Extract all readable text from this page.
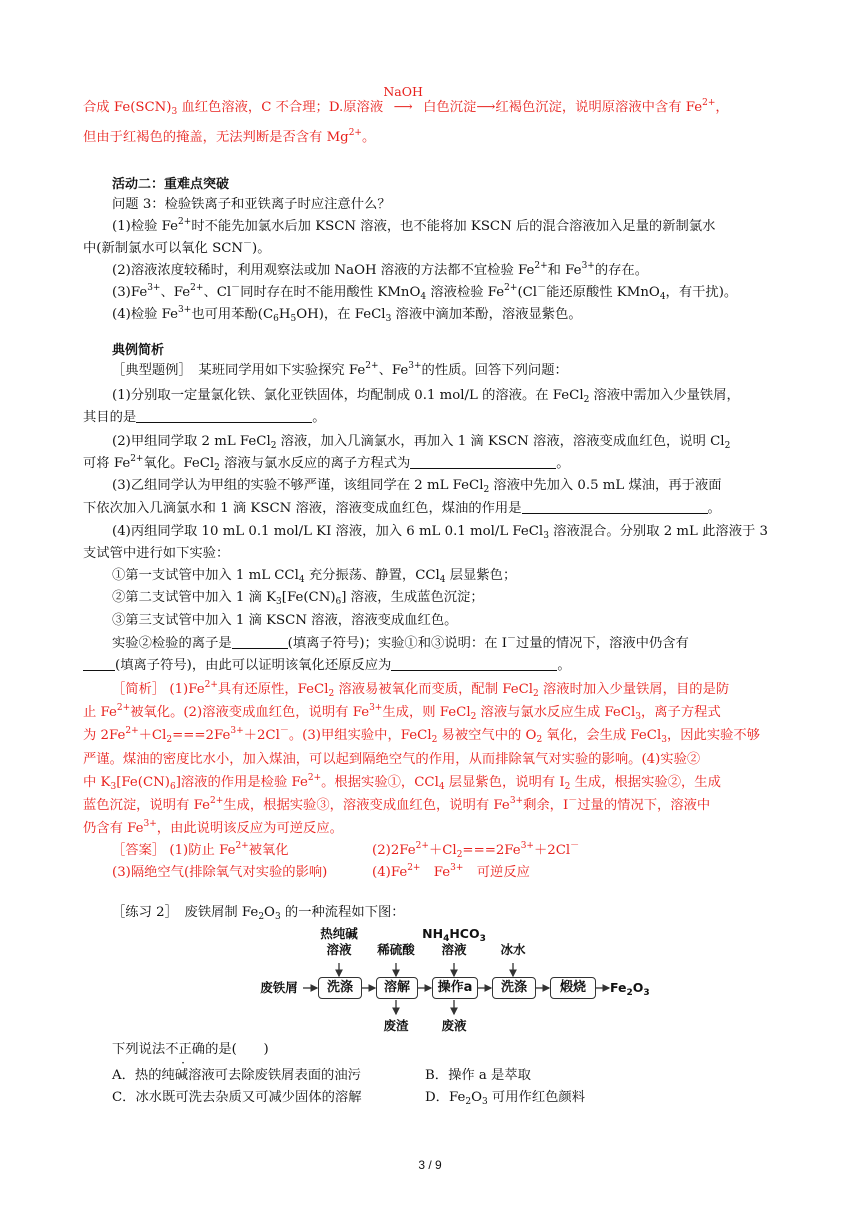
合成 $Fe(SCN)_3$ 血红色溶液，C 不合理；D.原溶液
NaOH
⟶ 白色沉淀⟶红褐色沉淀，说明原溶液中含有 $Fe^{2+}$，
但由于红褐色的掩盖，无法判断是否含有 $Mg^{2+}$。
活动二：重难点突破
问题 3：检验铁离子和亚铁离子时应注意什么？
(1)检验 $Fe^{2+}$时不能先加氯水后加 KSCN 溶液，也不能将加 KSCN 后的混合溶液加入足量的新制氯水
中(新制氯水可以氧化 SCN－)。
(2)溶液浓度较稀时，利用观察法或加 NaOH 溶液的方法都不宜检验 $Fe^{2+}$和 $Fe^{3+}$的存在。
$(3)Fe^{3+}$、$Fe^{2+}$、Cl－同时存在时不能用酸性 KMnO$_4$ 溶液检验 $Fe^{2+}(Cl^-$能还原酸性 KMnO$_4$，有干扰)。
(4)检验 $Fe^{3+}$也可用苯酚$(C_6H_5OH)$，在 FeCl$_3$ 溶液中滴加苯酚，溶液显紫色。
典例简析
［典型题例］　某班同学用如下实验探究 $Fe^{2+}$、$Fe^{3+}$的性质。回答下列问题：
(1)分别取一定量氯化铁、氯化亚铁固体，均配制成 0.1 mol/L 的溶液。在 FeCl$_2$ 溶液中需加入少量铁屑，
其目的是	。
(2)甲组同学取 2 mL FeCl$_2$ 溶液，加入几滴氯水，再加入 1 滴 KSCN 溶液，溶液变成血红色，说明 $Cl_2$
可将 $Fe^{2+}$氧化。FeCl$_2$ 溶液与氯水反应的离子方程式为	。
(3)乙组同学认为甲组的实验不够严谨，该组同学在 2 mL FeCl$_2$ 溶液中先加入 0.5 mL 煤油，再于液面
下依次加入几滴氯水和 1 滴 KSCN 溶液，溶液变成血红色，煤油的作用是	。
(4)丙组同学取 10 mL 0.1 mol/L KI 溶液，加入 6 mL 0.1 mol/L FeCl$_3$ 溶液混合。分别取 2 mL 此溶液于 3
支试管中进行如下实验：
①第一支试管中加入 1 mL CCl$_4$ 充分振荡、静置，CCl$_4$ 层显紫色；
②第二支试管中加入 1 滴 $K_3[Fe(CN)_6]$ 溶液，生成蓝色沉淀；
③第三支试管中加入 1 滴 KSCN 溶液，溶液变成血红色。
实验②检验的离子是	(填离子符号)；实验①和③说明：在 I－过量的情况下，溶液中仍含有
(填离子符号)，由此可以证明该氧化还原反应为	。
［简析］ $(1)Fe^{2+}$具有还原性，FeCl$_2$ 溶液易被氧化而变质，配制 FeCl$_2$ 溶液时加入少量铁屑，目的是防
止 $Fe^{2+}$被氧化。(2)溶液变成血红色，说明有 $Fe^{3+}$生成，则 FeCl$_2$ 溶液与氯水反应生成 FeCl$_3$，离子方程式
为 $2Fe^{2+}+Cl_2===2Fe^{3+}+2Cl^-$。(3)甲组实验中，FeCl$_2$ 易被空气中的 $O_2$ 氧化，会生成 FeCl$_3$，因此实验不够
严谨。煤油的密度比水小，加入煤油，可以起到隔绝空气的作用，从而排除氧气对实验的影响。(4)实验②
中 $K_3[Fe(CN)_6]$溶液的作用是检验 $Fe^{2+}$。根据实验①，CCl$_4$ 层显紫色，说明有 $I_2$ 生成，根据实验②，生成
蓝色沉淀，说明有 $Fe^{2+}$生成，根据实验③，溶液变成血红色，说明有 $Fe^{3+}$剩余，I－过量的情况下，溶液中
仍含有 $Fe^{3+}$，由此说明该反应为可逆反应。
［答案］ (1)防止 $Fe^{2+}$被氧化	$(2)2Fe^{2+}+Cl_2===2Fe^{3+}+2Cl^-$
(3)隔绝空气(排除氧气对实验的影响)	$(4)Fe^{2+}$　$Fe^{3+}$　可逆反应
［练习 2］　废铁屑制 $Fe_2O_3$ 的一种流程如下图：
热纯碱
溶液	稀硫酸
$NH_4HCO_3$
溶液	冰水
废铁屑	洗涤	溶解	操作a	洗涤	煅烧	$Fe_2O_3$
废渣	废液
下列说法不正确的是(　　)
A．热的纯碱溶液可去除废铁屑表面的油污	B．操作 a 是萃取
C．冰水既可洗去杂质又可减少固体的溶解	D．$Fe_2O_3$ 可用作红色颜料
3 / 9
